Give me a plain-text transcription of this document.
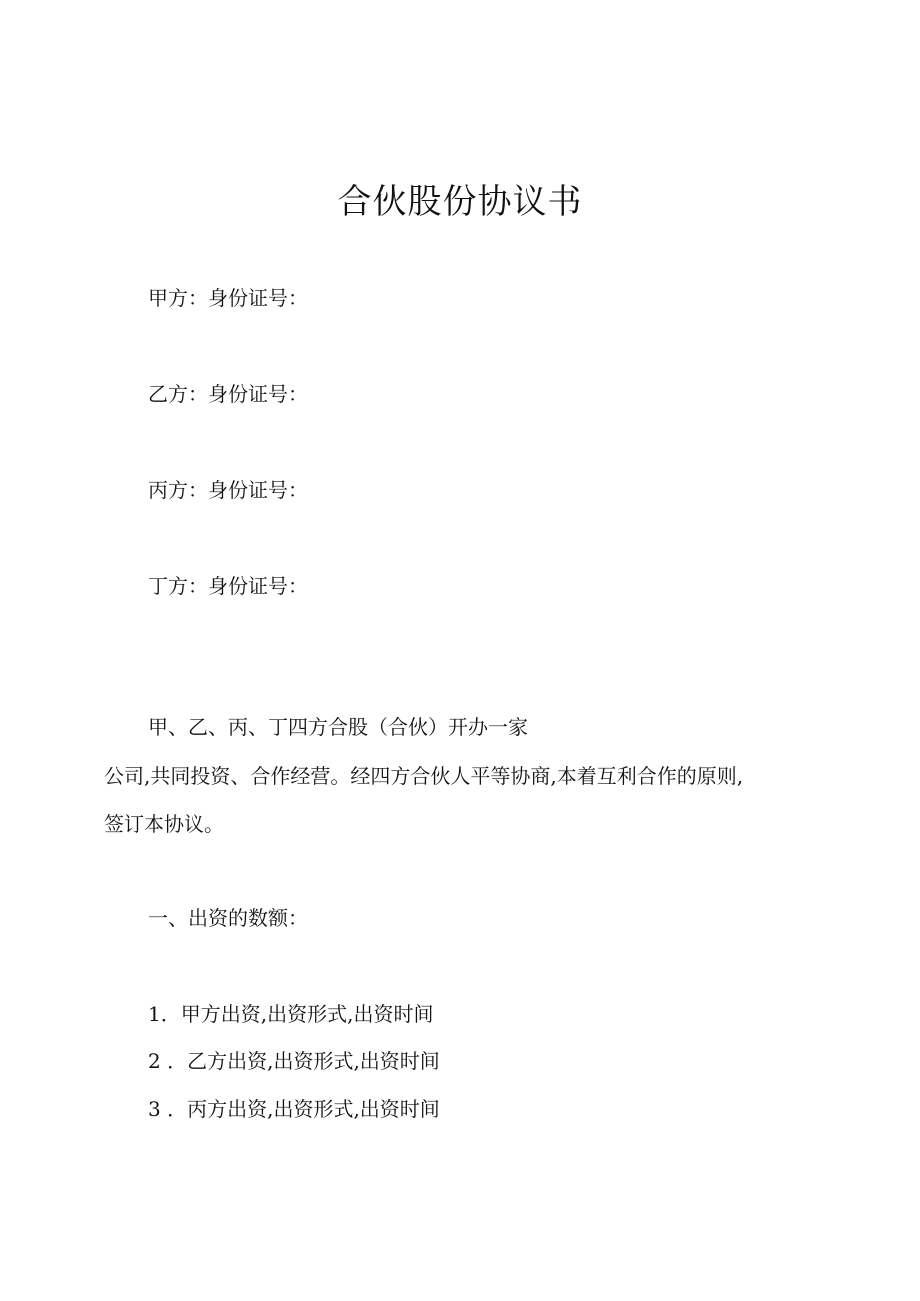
合伙股份协议书
甲方：身份证号：
乙方：身份证号：
丙方：身份证号：
丁方：身份证号：
甲、乙、丙、丁四方合股（合伙）开办一家
公司,共同投资、合作经营。经四方合伙人平等协商,本着互利合作的原则,
签订本协议。
一、出资的数额：
1．甲方出资,出资形式,出资时间
2 ．乙方出资,出资形式,出资时间
3 ．丙方出资,出资形式,出资时间
